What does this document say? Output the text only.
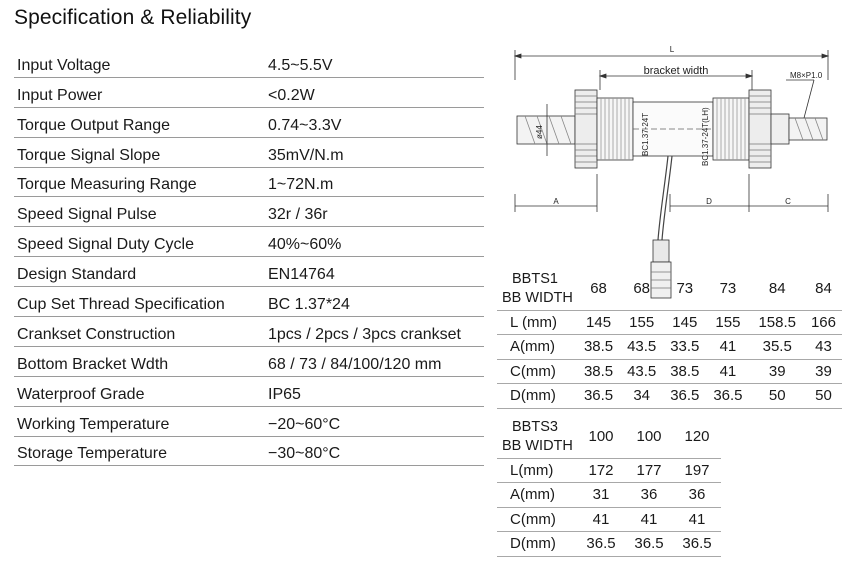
Specification & Reliability
Input Voltage	4.5~5.5V
Input Power	<0.2W
Torque Output Range	0.74~3.3V
Torque Signal Slope	35mV/N.m
Torque Measuring Range	1~72N.m
Speed Signal Pulse	32r / 36r
Speed Signal Duty Cycle	40%~60%
Design Standard	EN14764
Cup Set Thread Specification	BC 1.37*24
Crankset Construction	1pcs / 2pcs / 3pcs crankset
Bottom Bracket Wdth	68 / 73 / 84/100/120 mm
Waterproof Grade	IP65
Working Temperature	−20~60°C
Storage Temperature	−30~80°C
L
bracket width	M8×P1.0
ø44	BC1.37-24T	BC1.37-24T(LH)
A	D	C
BBTS1
BB WIDTH	68	68	73	73	84	84
L (mm)	145	155	145	155	158.5	166
A(mm)	38.5	43.5	33.5	41	35.5	43
C(mm)	38.5	43.5	38.5	41	39	39
D(mm)	36.5	34	36.5	36.5	50	50
BBTS3
BB WIDTH	100	100	120
L(mm)	172	177	197
A(mm)	31	36	36
C(mm)	41	41	41
D(mm)	36.5	36.5	36.5
